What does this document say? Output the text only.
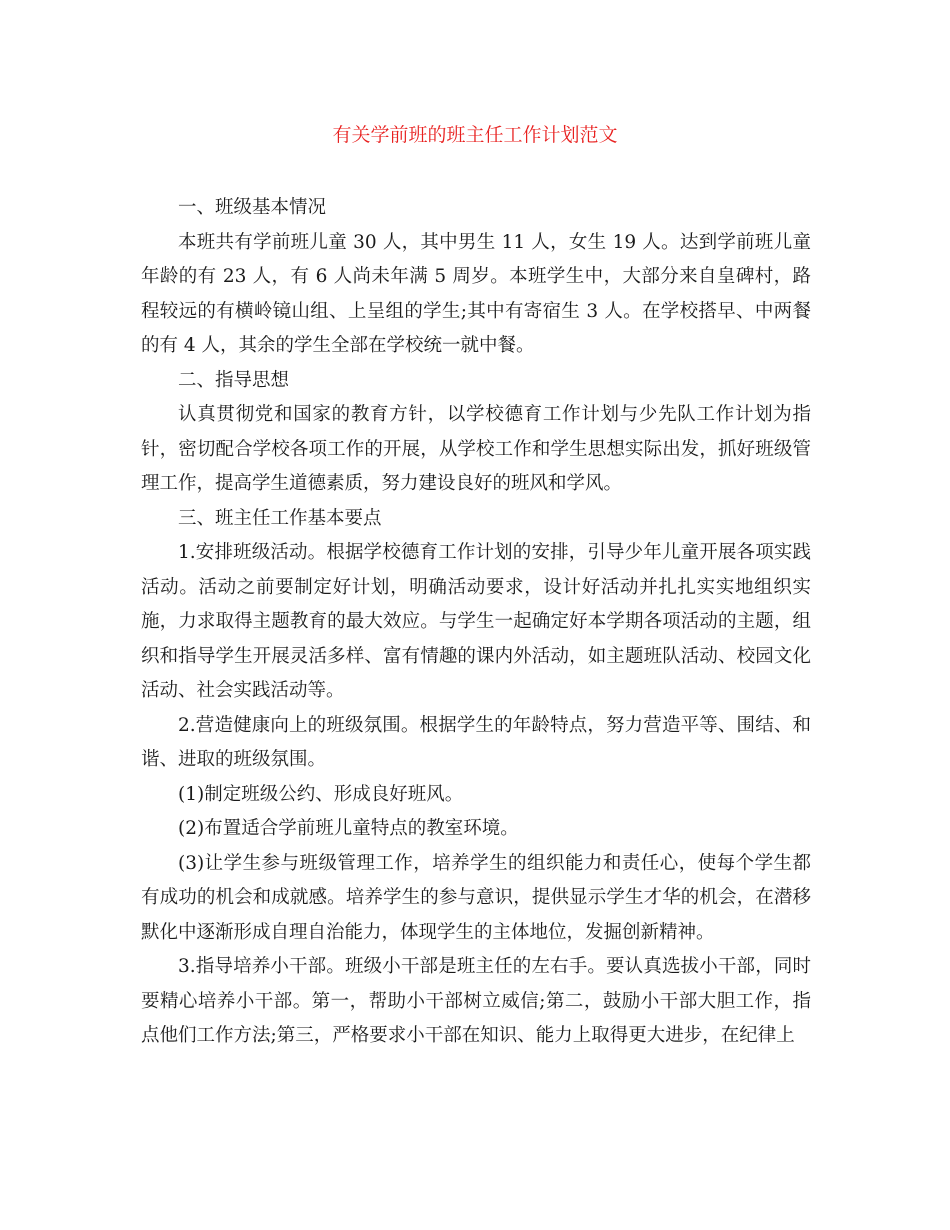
有关学前班的班主任工作计划范文

一、班级基本情况

本班共有学前班儿童 30 人，其中男生 11 人，女生 19 人。达到学前班儿童年龄的有 23 人，有 6 人尚未年满 5 周岁。本班学生中，大部分来自皇碑村，路程较远的有横岭镜山组、上呈组的学生;其中有寄宿生 3 人。在学校搭早、中两餐的有 4 人，其余的学生全部在学校统一就中餐。

二、指导思想

认真贯彻党和国家的教育方针，以学校德育工作计划与少先队工作计划为指针，密切配合学校各项工作的开展，从学校工作和学生思想实际出发，抓好班级管理工作，提高学生道德素质，努力建设良好的班风和学风。

三、班主任工作基本要点

1.安排班级活动。根据学校德育工作计划的安排，引导少年儿童开展各项实践活动。活动之前要制定好计划，明确活动要求，设计好活动并扎扎实实地组织实施，力求取得主题教育的最大效应。与学生一起确定好本学期各项活动的主题，组织和指导学生开展灵活多样、富有情趣的课内外活动，如主题班队活动、校园文化活动、社会实践活动等。

2.营造健康向上的班级氛围。根据学生的年龄特点，努力营造平等、围结、和谐、进取的班级氛围。

(1)制定班级公约、形成良好班风。

(2)布置适合学前班儿童特点的教室环境。

(3)让学生参与班级管理工作，培养学生的组织能力和责任心，使每个学生都有成功的机会和成就感。培养学生的参与意识，提供显示学生才华的机会，在潜移默化中逐渐形成自理自治能力，体现学生的主体地位，发掘创新精神。

3.指导培养小干部。班级小干部是班主任的左右手。要认真选拔小干部，同时要精心培养小干部。第一，帮助小干部树立威信;第二，鼓励小干部大胆工作，指点他们工作方法;第三，严格要求小干部在知识、能力上取得更大进步，在纪律上
